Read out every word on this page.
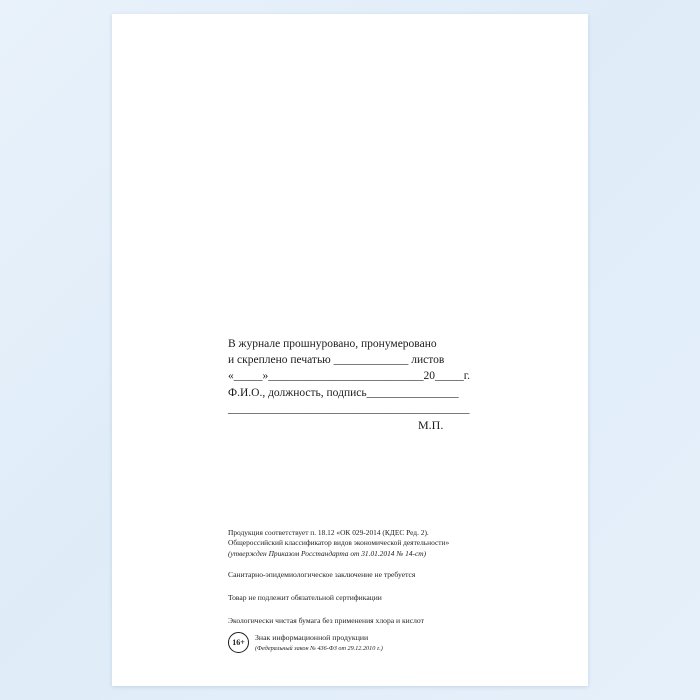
В журнале прошнуровано, пронумеровано
и скреплено печатью _____________ листов
«_____»___________________________20_____г.
Ф.И.О., должность, подпись________________
__________________________________________
М.П.
Продукция соответствует п. 18.12 «ОК 029-2014 (КДЕС Ред. 2).
Общероссийский классификатор видов экономической деятельности»
(утвержден Приказом Росстандарта от 31.01.2014 № 14-ст)
Санитарно-эпидемиологическое заключение не требуется
Товар не подлежит обязательной сертификации
Экологически чистая бумага без применения хлора и кислот
16+	Знак информационной продукции
(Федеральный закон № 436-ФЗ от 29.12.2010 г.)
